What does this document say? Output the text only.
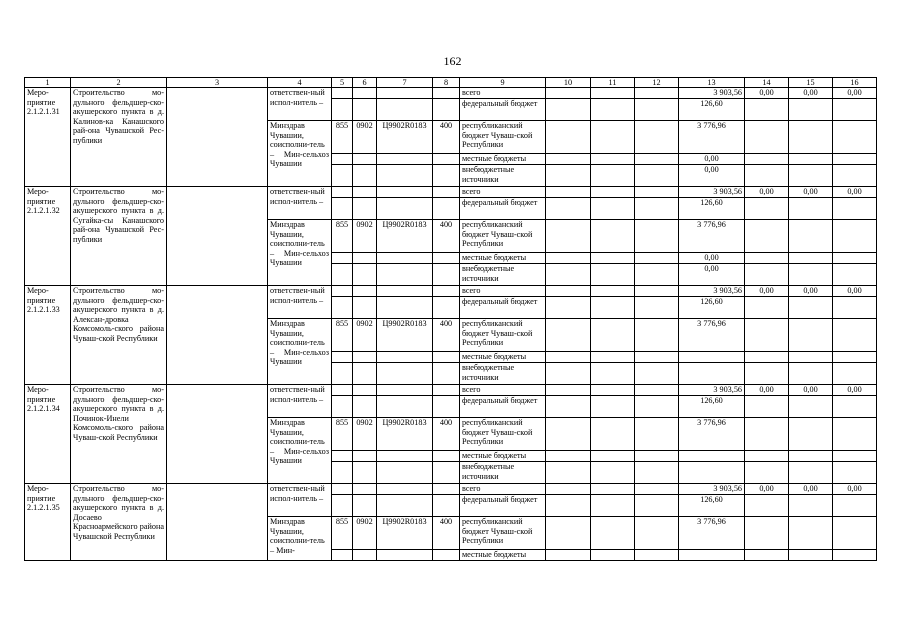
162
1	2	3	4	5	6	7	8	9	10	11	12	13	14	15	16
Меро-приятие 2.1.2.1.31	Строительство мо-дульного фельдшер-ско-акушерского пункта в д. Калинов-ка Канашского рай-она Чувашской Рес-публики		ответствен-ный испол-нитель –					всего				3 903,56	0,00	0,00	0,00
								федеральный бюджет				126,60			
			Минздрав Чувашии, соисполни-тель – Мин-сельхоз Чувашии	855	0902	Ц9902R0183	400	республиканский бюджет Чуваш-ской Республики				3 776,96			
								местные бюджеты				0,00			
								внебюджетные источники				0,00			
Меро-приятие 2.1.2.1.32	Строительство мо-дульного фельдшер-ско-акушерского пункта в д. Сугайка-сы Канашского рай-она Чувашской Рес-публики		ответствен-ный испол-нитель –					всего				3 903,56	0,00	0,00	0,00
								федеральный бюджет				126,60			
			Минздрав Чувашии, соисполни-тель – Мин-сельхоз Чувашии	855	0902	Ц9902R0183	400	республиканский бюджет Чуваш-ской Республики				3 776,96			
								местные бюджеты				0,00			
								внебюджетные источники				0,00			
Меро-приятие 2.1.2.1.33	Строительство мо-дульного фельдшер-ско-акушерского пункта в д. Алексан-дровка Комсомоль-ского района Чуваш-ской Республики		ответствен-ный испол-нитель –					всего				3 903,56	0,00	0,00	0,00
								федеральный бюджет				126,60			
			Минздрав Чувашии, соисполни-тель – Мин-сельхоз Чувашии	855	0902	Ц9902R0183	400	республиканский бюджет Чуваш-ской Республики				3 776,96			
								местные бюджеты							
								внебюджетные источники							
Меро-приятие 2.1.2.1.34	Строительство мо-дульного фельдшер-ско-акушерского пункта в д. Починок-Инели Комсомоль-ского района Чуваш-ской Республики		ответствен-ный испол-нитель –					всего				3 903,56	0,00	0,00	0,00
								федеральный бюджет				126,60			
			Минздрав Чувашии, соисполни-тель – Мин-сельхоз Чувашии	855	0902	Ц9902R0183	400	республиканский бюджет Чуваш-ской Республики				3 776,96			
								местные бюджеты							
								внебюджетные источники							
Меро-приятие 2.1.2.1.35	Строительство мо-дульного фельдшер-ско-акушерского пункта в д. Досаево Красноармейского района Чувашской Республики		ответствен-ный испол-нитель –					всего				3 903,56	0,00	0,00	0,00
								федеральный бюджет				126,60			
			Минздрав Чувашии, соисполни-тель – Мин-	855	0902	Ц9902R0183	400	республиканский бюджет Чуваш-ской Республики				3 776,96			
								местные бюджеты							
